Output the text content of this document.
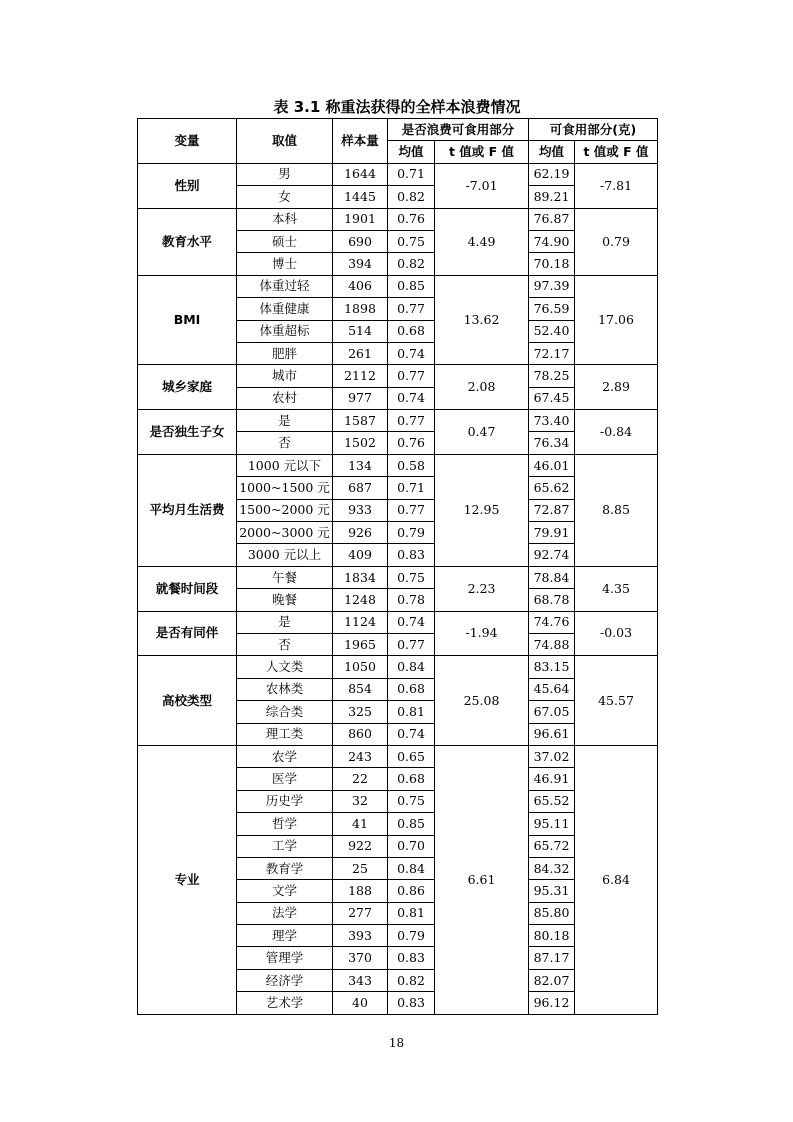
表 3.1 称重法获得的全样本浪费情况
变量	取值	样本量	是否浪费可食用部分		可食用部分(克)	
			均值	t 值或 F 值	均值	t 值或 F 值
性别	男	1644	0.71	-7.01	62.19	-7.81
	女	1445	0.82		89.21	
教育水平	本科	1901	0.76	4.49	76.87	0.79
	硕士	690	0.75		74.90	
	博士	394	0.82		70.18	
BMI	体重过轻	406	0.85	13.62	97.39	17.06
	体重健康	1898	0.77		76.59	
	体重超标	514	0.68		52.40	
	肥胖	261	0.74		72.17	
城乡家庭	城市	2112	0.77	2.08	78.25	2.89
	农村	977	0.74		67.45	
是否独生子女	是	1587	0.77	0.47	73.40	-0.84
	否	1502	0.76		76.34	
平均月生活费	1000 元以下	134	0.58	12.95	46.01	8.85
	1000~1500 元	687	0.71		65.62	
	1500~2000 元	933	0.77		72.87	
	2000~3000 元	926	0.79		79.91	
	3000 元以上	409	0.83		92.74	
就餐时间段	午餐	1834	0.75	2.23	78.84	4.35
	晚餐	1248	0.78		68.78	
是否有同伴	是	1124	0.74	-1.94	74.76	-0.03
	否	1965	0.77		74.88	
高校类型	人文类	1050	0.84	25.08	83.15	45.57
	农林类	854	0.68		45.64	
	综合类	325	0.81		67.05	
	理工类	860	0.74		96.61	
专业	农学	243	0.65	6.61	37.02	6.84
	医学	22	0.68		46.91	
	历史学	32	0.75		65.52	
	哲学	41	0.85		95.11	
	工学	922	0.70		65.72	
	教育学	25	0.84		84.32	
	文学	188	0.86		95.31	
	法学	277	0.81		85.80	
	理学	393	0.79		80.18	
	管理学	370	0.83		87.17	
	经济学	343	0.82		82.07	
	艺术学	40	0.83		96.12	
18
